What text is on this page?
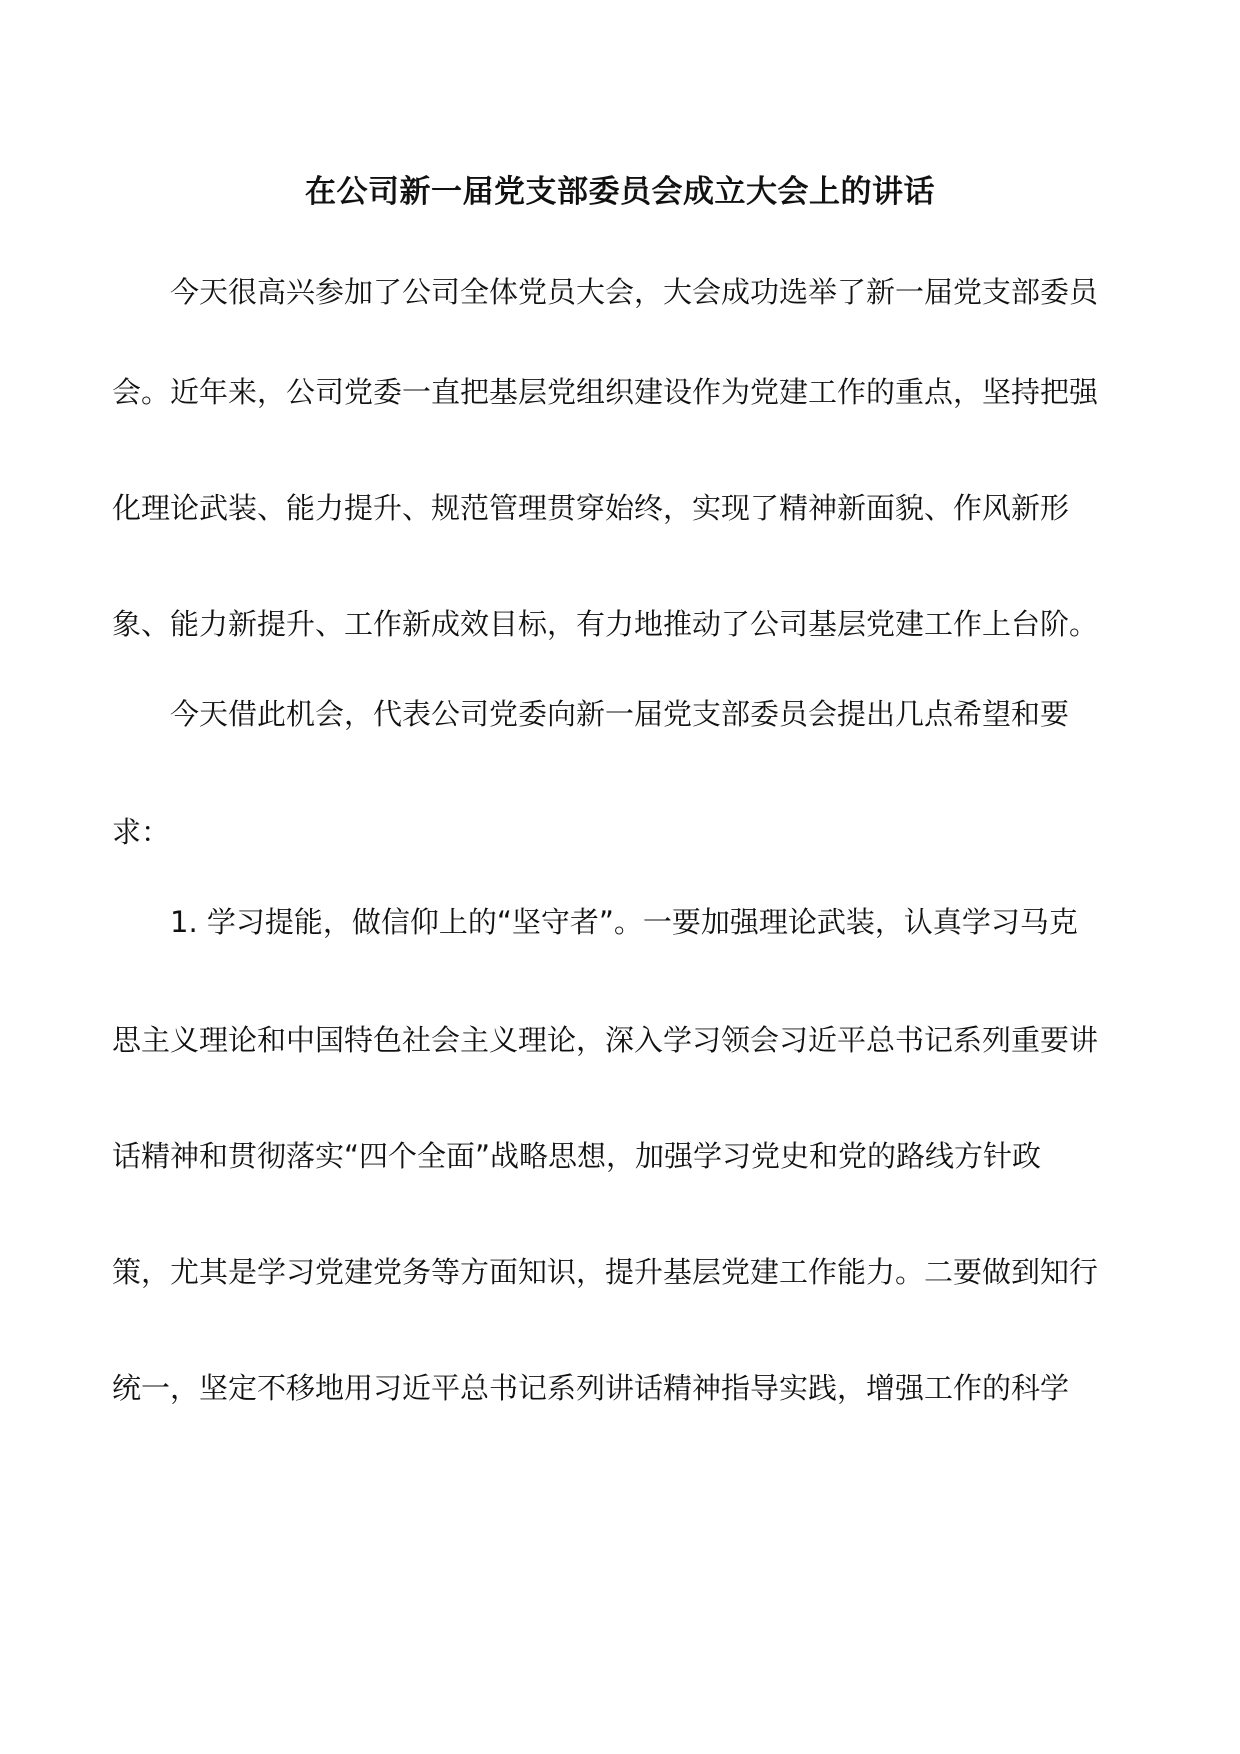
在公司新一届党支部委员会成立大会上的讲话

今天很高兴参加了公司全体党员大会，大会成功选举了新一届党支部委员

会。近年来，公司党委一直把基层党组织建设作为党建工作的重点，坚持把强

化理论武装、能力提升、规范管理贯穿始终，实现了精神新面貌、作风新形

象、能力新提升、工作新成效目标，有力地推动了公司基层党建工作上台阶。

今天借此机会，代表公司党委向新一届党支部委员会提出几点希望和要

求：

1. 学习提能，做信仰上的“坚守者”。一要加强理论武装，认真学习马克

思主义理论和中国特色社会主义理论，深入学习领会习近平总书记系列重要讲

话精神和贯彻落实“四个全面”战略思想，加强学习党史和党的路线方针政

策，尤其是学习党建党务等方面知识，提升基层党建工作能力。二要做到知行

统一，坚定不移地用习近平总书记系列讲话精神指导实践，增强工作的科学
